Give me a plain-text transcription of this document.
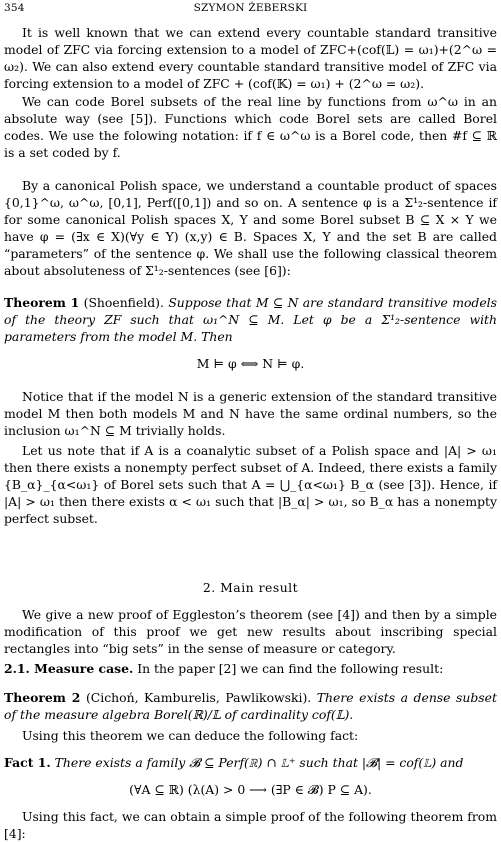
354	SZYMON ŻEBERSKI

It is well known that we can extend every countable standard transitive model of ZFC via forcing extension to a model of ZFC+(cof(𝕃) = ω₁)+(2^ω = ω₂). We can also extend every countable standard transitive model of ZFC via forcing extension to a model of ZFC + (cof(𝕂) = ω₁) + (2^ω = ω₂).

We can code Borel subsets of the real line by functions from ω^ω in an absolute way (see [5]). Functions which code Borel sets are called Borel codes. We use the folowing notation: if f ∈ ω^ω is a Borel code, then #f ⊆ ℝ is a set coded by f.

By a canonical Polish space, we understand a countable product of spaces {0,1}^ω, ω^ω, [0,1], Perf([0,1]) and so on. A sentence φ is a Σ¹₂-sentence if for some canonical Polish spaces X, Y and some Borel subset B ⊆ X × Y we have φ = (∃x ∈ X)(∀y ∈ Y) (x,y) ∈ B. Spaces X, Y and the set B are called “parameters” of the sentence φ. We shall use the following classical theorem about absoluteness of Σ¹₂-sentences (see [6]):

Theorem 1 (Shoenfield). Suppose that M ⊆ N are standard transitive models of the theory ZF such that ω₁^N ⊆ M. Let φ be a Σ¹₂-sentence with parameters from the model M. Then

M ⊨ φ ⟺ N ⊨ φ.

Notice that if the model N is a generic extension of the standard transitive model M then both models M and N have the same ordinal numbers, so the inclusion ω₁^N ⊆ M trivially holds.

Let us note that if A is a coanalytic subset of a Polish space and |A| > ω₁ then there exists a nonempty perfect subset of A. Indeed, there exists a family {B_α}_{α<ω₁} of Borel sets such that A = ⋃_{α<ω₁} B_α (see [3]). Hence, if |A| > ω₁ then there exists α < ω₁ such that |B_α| > ω₁, so B_α has a nonempty perfect subset.

2. Main result

We give a new proof of Eggleston’s theorem (see [4]) and then by a simple modification of this proof we get new results about inscribing special rectangles into “big sets” in the sense of measure or category.

2.1. Measure case. In the paper [2] we can find the following result:

Theorem 2 (Cichoń, Kamburelis, Pawlikowski). There exists a dense subset of the measure algebra Borel(ℝ)/𝕃 of cardinality cof(𝕃).

Using this theorem we can deduce the following fact:

Fact 1. There exists a family 𝓑 ⊆ Perf(ℝ) ∩ 𝕃⁺ such that |𝓑| = cof(𝕃) and

(∀A ⊆ ℝ) (λ(A) > 0 ⟶ (∃P ∈ 𝓑) P ⊆ A).

Using this fact, we can obtain a simple proof of the following theorem from [4]:
